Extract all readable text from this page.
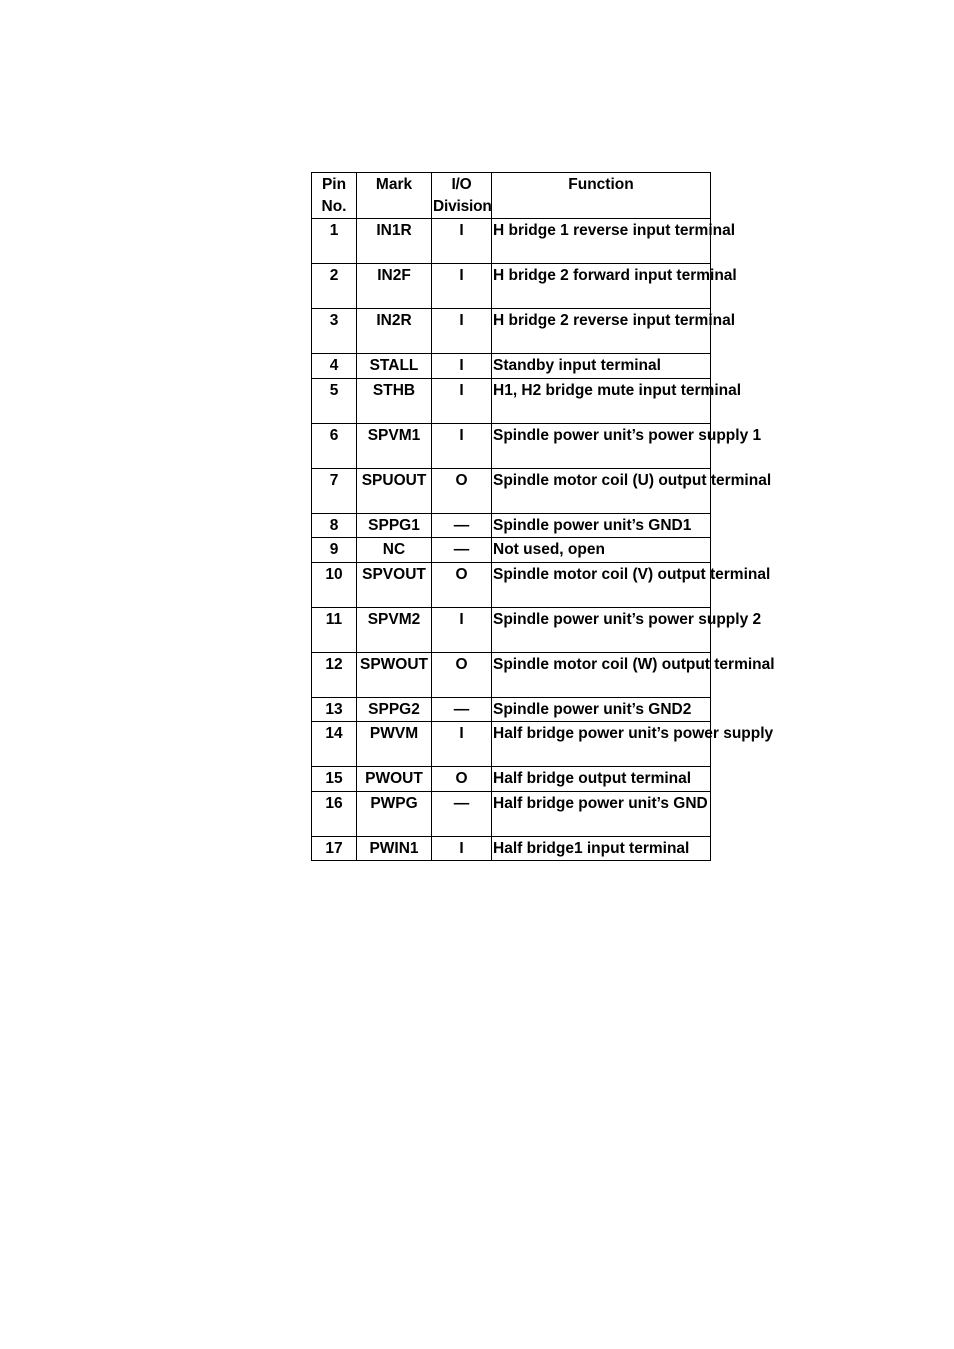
Pin No.	Mark	I/O Division	Function
1	IN1R	I	H bridge 1 reverse input terminal
2	IN2F	I	H bridge 2 forward input terminal
3	IN2R	I	H bridge 2 reverse input terminal
4	STALL	I	Standby input terminal
5	STHB	I	H1, H2 bridge mute input terminal
6	SPVM1	I	Spindle power unit’s power supply 1
7	SPUOUT	O	Spindle motor coil (U) output terminal
8	SPPG1	—	Spindle power unit’s GND1
9	NC	—	Not used, open
10	SPVOUT	O	Spindle motor coil (V) output terminal
11	SPVM2	I	Spindle power unit’s power supply 2
12	SPWOUT	O	Spindle motor coil (W) output terminal
13	SPPG2	—	Spindle power unit’s GND2
14	PWVM	I	Half bridge power unit’s power supply
15	PWOUT	O	Half bridge output terminal
16	PWPG	—	Half bridge power unit’s GND
17	PWIN1	I	Half bridge1 input terminal
